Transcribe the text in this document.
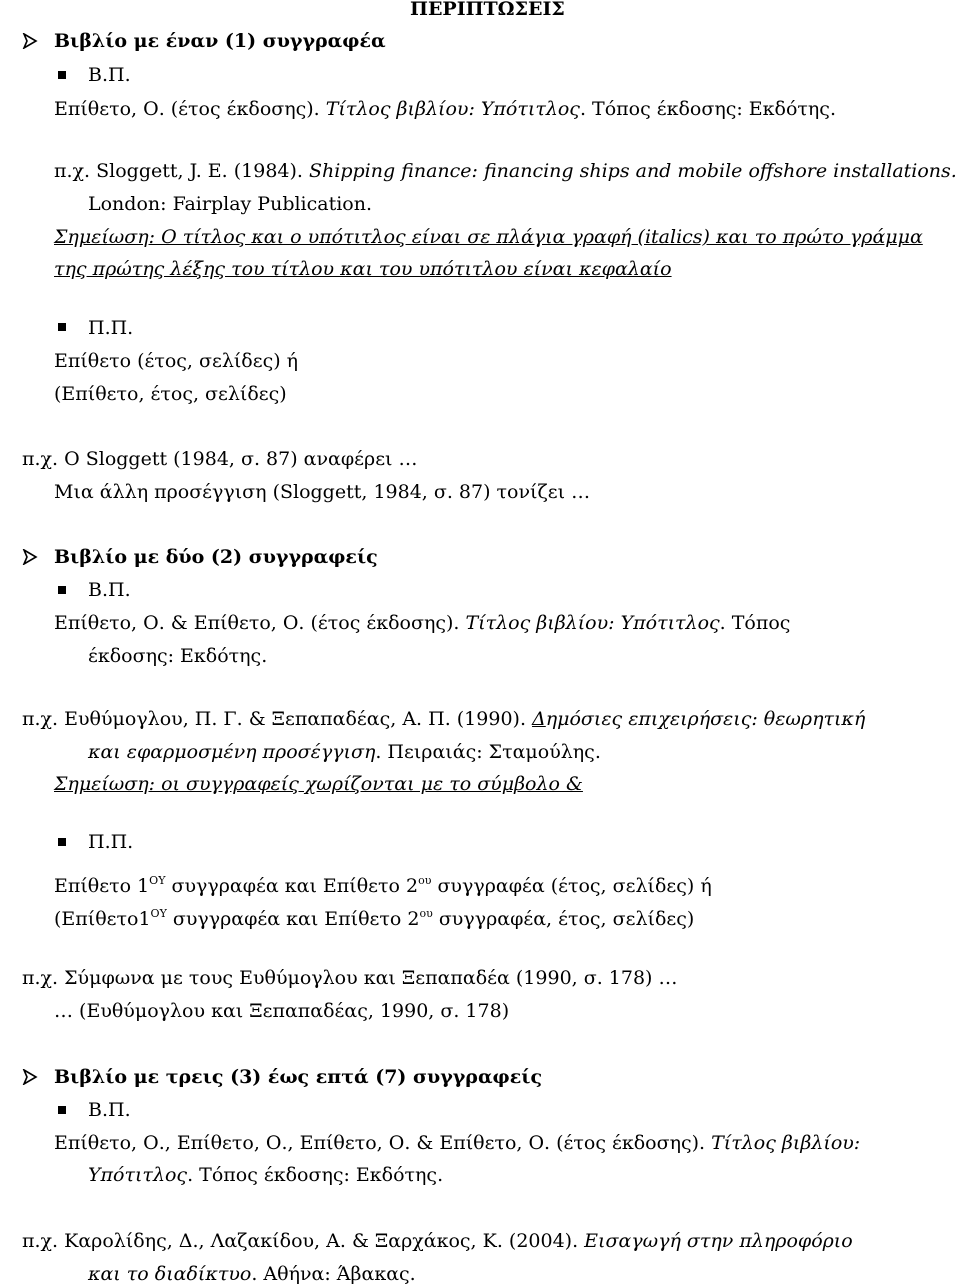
ΠΕΡΙΠΤΩΣΕΙΣ
Βιβλίο με έναν (1) συγγραφέα
Β.Π.
Επίθετο, Ο. (έτος έκδοσης). Τίτλος βιβλίου: Υπότιτλος. Τόπος έκδοσης: Εκδότης.
π.χ. Sloggett, J. E. (1984). Shipping finance: financing ships and mobile offshore installations.
London: Fairplay Publication.
Σημείωση: Ο τίτλος και ο υπότιτλος είναι σε πλάγια γραφή (italics) και το πρώτο γράμμα
της πρώτης λέξης του τίτλου και του υπότιτλου είναι κεφαλαίο
Π.Π.
Επίθετο (έτος, σελίδες) ή
(Επίθετο, έτος, σελίδες)
π.χ. Ο Sloggett (1984, σ. 87) αναφέρει …
Μια άλλη προσέγγιση (Sloggett, 1984, σ. 87) τονίζει …
Βιβλίο με δύο (2) συγγραφείς
Β.Π.
Επίθετο, Ο. & Επίθετο, Ο. (έτος έκδοσης). Τίτλος βιβλίου: Υπότιτλος. Τόπος
έκδοσης: Εκδότης.
π.χ. Ευθύμογλου, Π. Γ. & Ξεπαπαδέας, Α. Π. (1990). Δημόσιες επιχειρήσεις: θεωρητική
και εφαρμοσμένη προσέγγιση. Πειραιάς: Σταμούλης.
Σημείωση: οι συγγραφείς χωρίζονται με το σύμβολο &
Π.Π.
Επίθετο $1^{O\Upsilon}$ συγγραφέα και Επίθετο $2^{o\upsilon}$ συγγραφέα (έτος, σελίδες) ή
($E\pi ί\theta\varepsilon\tau o1^{O\Upsilon}$ συγγραφέα και Επίθετο $2^{o\upsilon}$ συγγραφέα, έτος, σελίδες)
π.χ. Σύμφωνα με τους Ευθύμογλου και Ξεπαπαδέα (1990, σ. 178) …
… (Ευθύμογλου και Ξεπαπαδέας, 1990, σ. 178)
Βιβλίο με τρεις (3) έως επτά (7) συγγραφείς
Β.Π.
Επίθετο, Ο., Επίθετο, Ο., Επίθετο, Ο. & Επίθετο, Ο. (έτος έκδοσης). Τίτλος βιβλίου:
Υπότιτλος. Τόπος έκδοσης: Εκδότης.
π.χ. Καρολίδης, Δ., Λαζακίδου, Α. & Ξαρχάκος, Κ. (2004). Εισαγωγή στην πληροφόριο
και το διαδίκτυο. Αθήνα: Άβακας.
